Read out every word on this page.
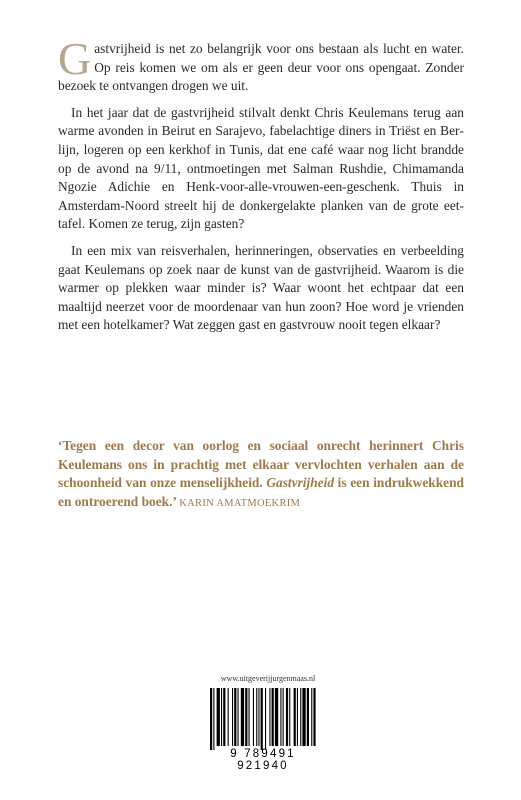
Gastvrijheid is net zo belangrijk voor ons bestaan als lucht en water. Op reis komen we om als er geen deur voor ons opengaat. Zonder bezoek te ontvangen drogen we uit.

In het jaar dat de gastvrijheid stilvalt denkt Chris Keulemans terug aan warme avonden in Beirut en Sarajevo, fabelachtige diners in Triëst en Berlijn, logeren op een kerkhof in Tunis, dat ene café waar nog licht brandde op de avond na 9/11, ontmoetingen met Salman Rushdie, Chimamanda Ngozie Adichie en Henk-voor-alle-vrouwen-een-geschenk. Thuis in Amsterdam-Noord streelt hij de donkergelakte planken van de grote eettafel. Komen ze terug, zijn gasten?

In een mix van reisverhalen, herinneringen, observaties en verbeelding gaat Keulemans op zoek naar de kunst van de gastvrijheid. Waarom is die warmer op plekken waar minder is? Waar woont het echtpaar dat een maaltijd neerzet voor de moordenaar van hun zoon? Hoe word je vrienden met een hotelkamer? Wat zeggen gast en gastvrouw nooit tegen elkaar?

‘Tegen een decor van oorlog en sociaal onrecht herinnert Chris Keulemans ons in prachtig met elkaar vervlochten verhalen aan de schoonheid van onze menselijkheid. Gastvrijheid is een indrukwekkend en ontroerend boek.’ KARIN AMATMOEKRIM

www.uitgeverijjurgenmaas.nl
9 789491 921940
